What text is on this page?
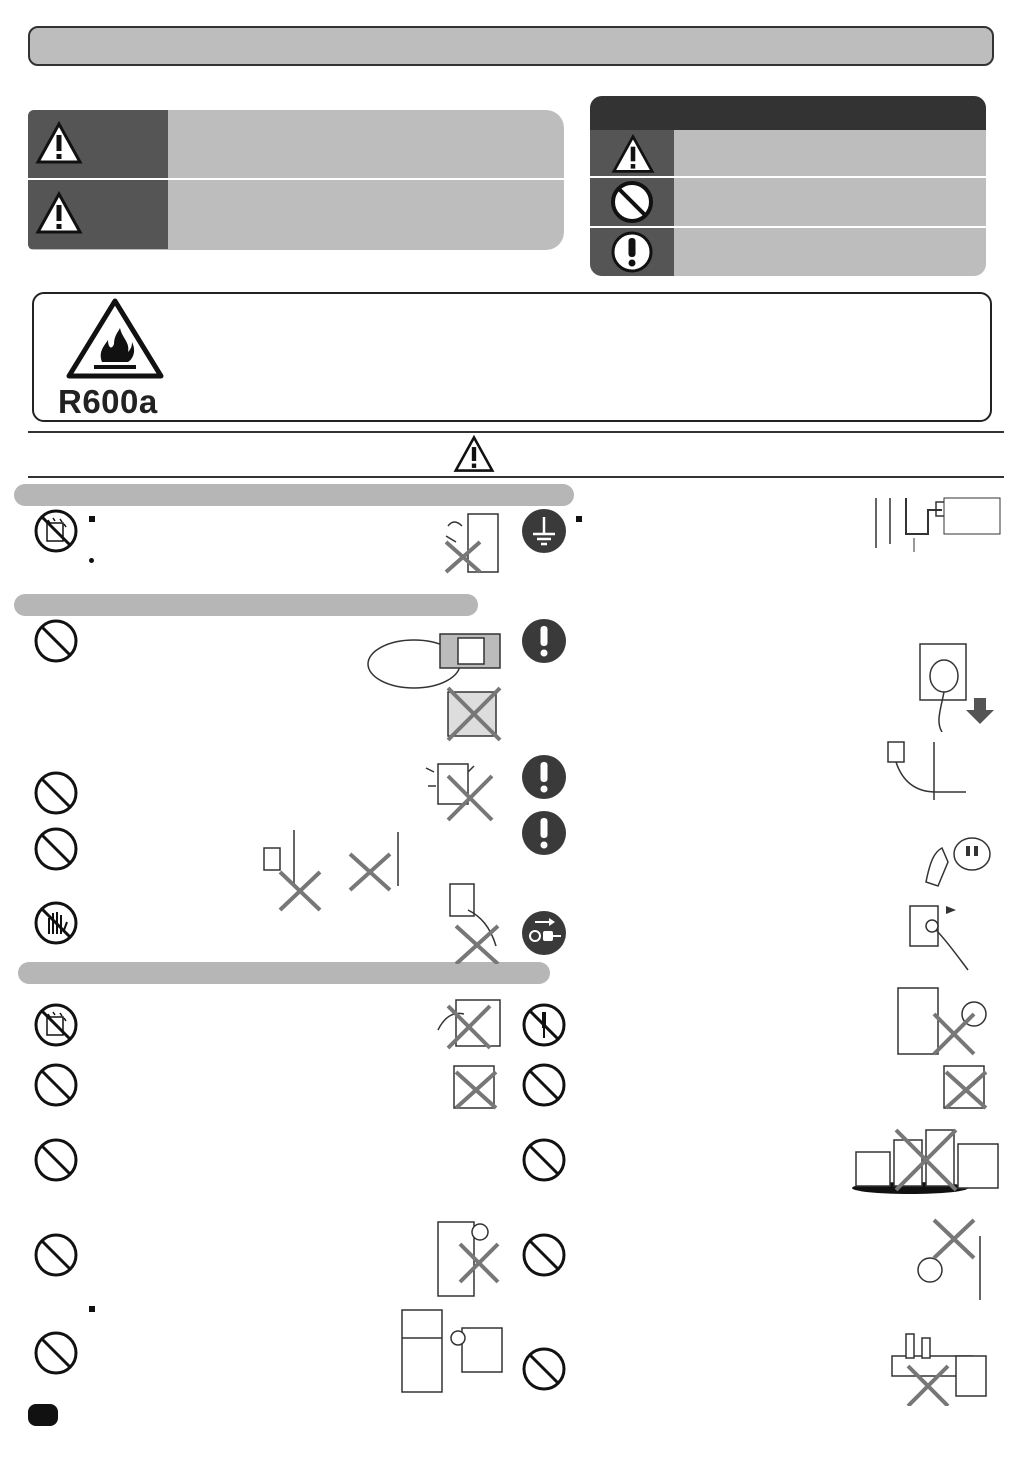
R600a
